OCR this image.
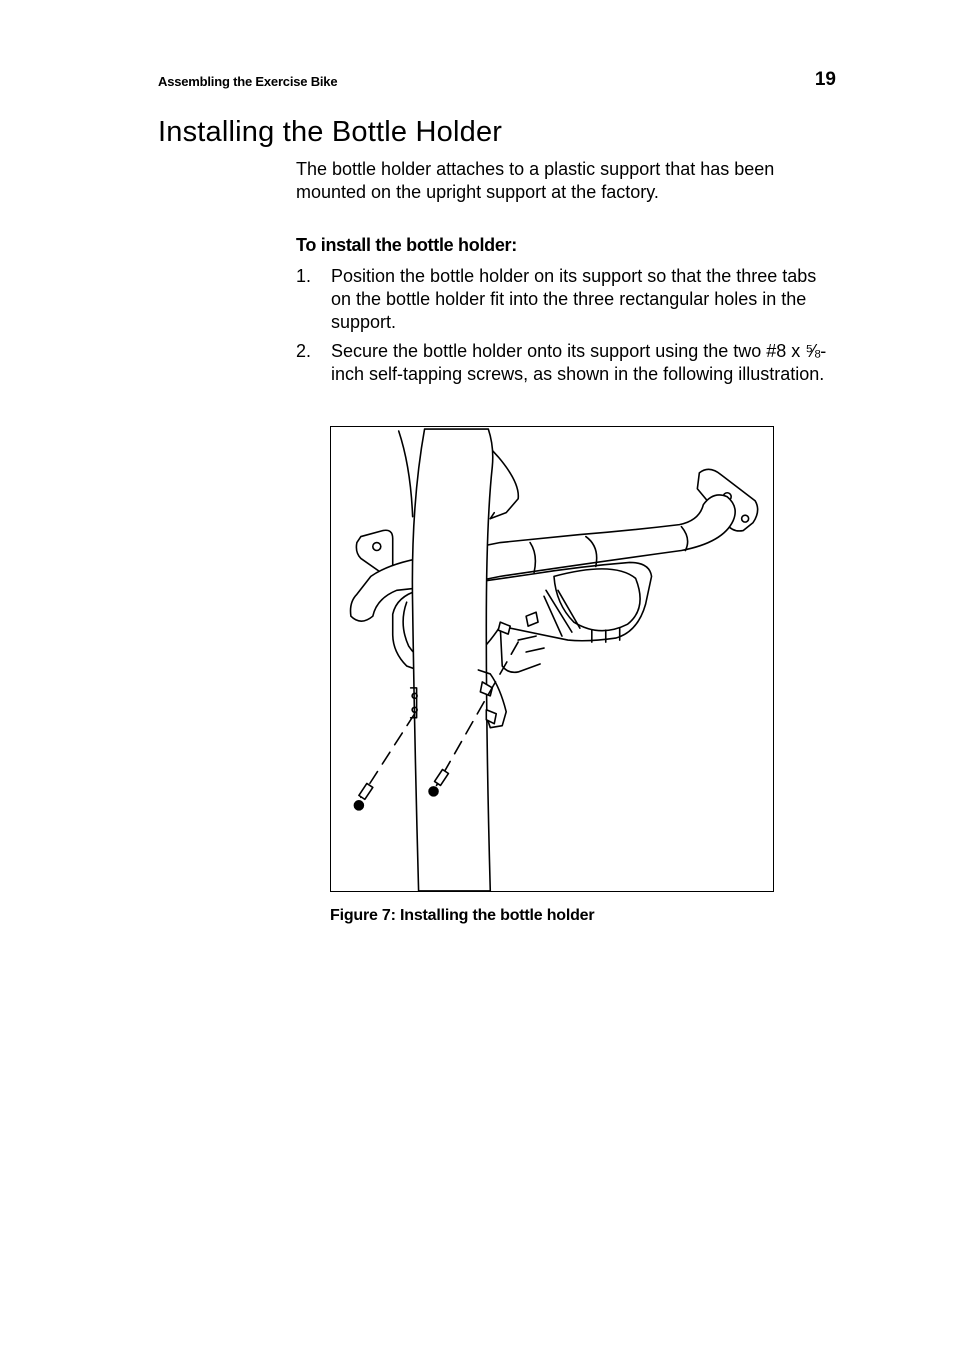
Assembling the Exercise Bike	19
Installing the Bottle Holder

The bottle holder attaches to a plastic support that has been mounted on the upright support at the factory.

To install the bottle holder:
1. Position the bottle holder on its support so that the three tabs on the bottle holder fit into the three rectangular holes in the support.
2. Secure the bottle holder onto its support using the two #8 x ⅝-inch self-tapping screws, as shown in the following illustration.
Figure 7: Installing the bottle holder
